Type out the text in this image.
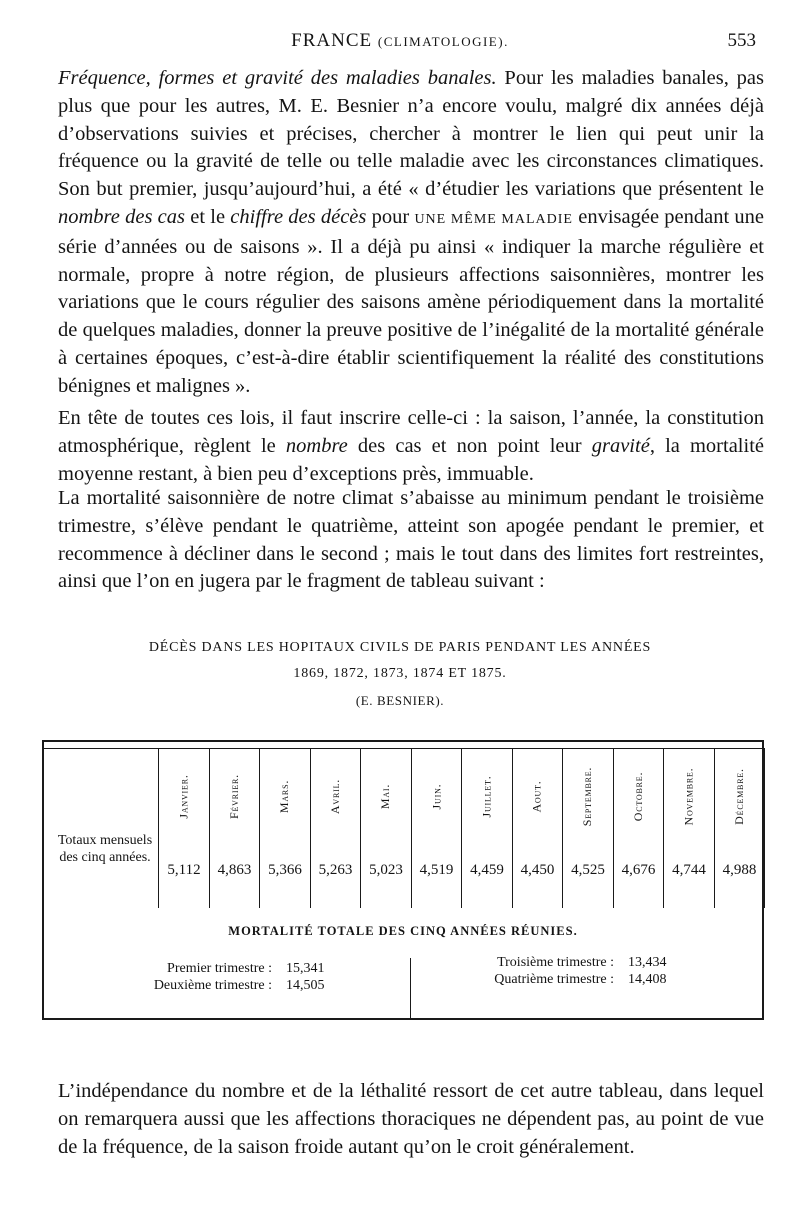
FRANCE (CLIMATOLOGIE).	553

Fréquence, formes et gravité des maladies banales. Pour les maladies banales, pas plus que pour les autres, M. E. Besnier n’a encore voulu, malgré dix années déjà d’observations suivies et précises, chercher à montrer le lien qui peut unir la fréquence ou la gravité de telle ou telle maladie avec les circonstances climatiques. Son but premier, jusqu’aujourd’hui, a été « d’étudier les variations que présentent le nombre des cas et le chiffre des décès pour UNE MÊME MALADIE envisagée pendant une série d’années ou de saisons ». Il a déjà pu ainsi « indiquer la marche régulière et normale, propre à notre région, de plusieurs affections saisonnières, montrer les variations que le cours régulier des saisons amène périodiquement dans la mortalité de quelques maladies, donner la preuve positive de l’inégalité de la mortalité générale à certaines époques, c’est-à-dire établir scientifiquement la réalité des constitutions bénignes et malignes ».

En tête de toutes ces lois, il faut inscrire celle-ci : la saison, l’année, la constitution atmosphérique, règlent le nombre des cas et non point leur gravité, la mortalité moyenne restant, à bien peu d’exceptions près, immuable.

La mortalité saisonnière de notre climat s’abaisse au minimum pendant le troisième trimestre, s’élève pendant le quatrième, atteint son apogée pendant le premier, et recommence à décliner dans le second ; mais le tout dans des limites fort restreintes, ainsi que l’on en jugera par le fragment de tableau suivant :

DÉCÈS DANS LES HOPITAUX CIVILS DE PARIS PENDANT LES ANNÉES
1869, 1872, 1873, 1874 ET 1875.
(E. BESNIER).
Totaux mensuels des cinq années.
Janvier.	Février.	Mars.	Avril.	Mai.	Juin.	Juillet.	Aout.	Septembre.	Octobre.	Novembre.	Décembre.
5,112	4,863	5,366	5,263	5,023	4,519	4,459	4,450	4,525	4,676	4,744	4,988
MORTALITÉ TOTALE DES CINQ ANNÉES RÉUNIES.
Premier trimestre : 15,341
Deuxième trimestre : 14,505
Troisième trimestre : 13,434
Quatrième trimestre : 14,408

L’indépendance du nombre et de la léthalité ressort de cet autre tableau, dans lequel on remarquera aussi que les affections thoraciques ne dépendent pas, au point de vue de la fréquence, de la saison froide autant qu’on le croit généralement.
